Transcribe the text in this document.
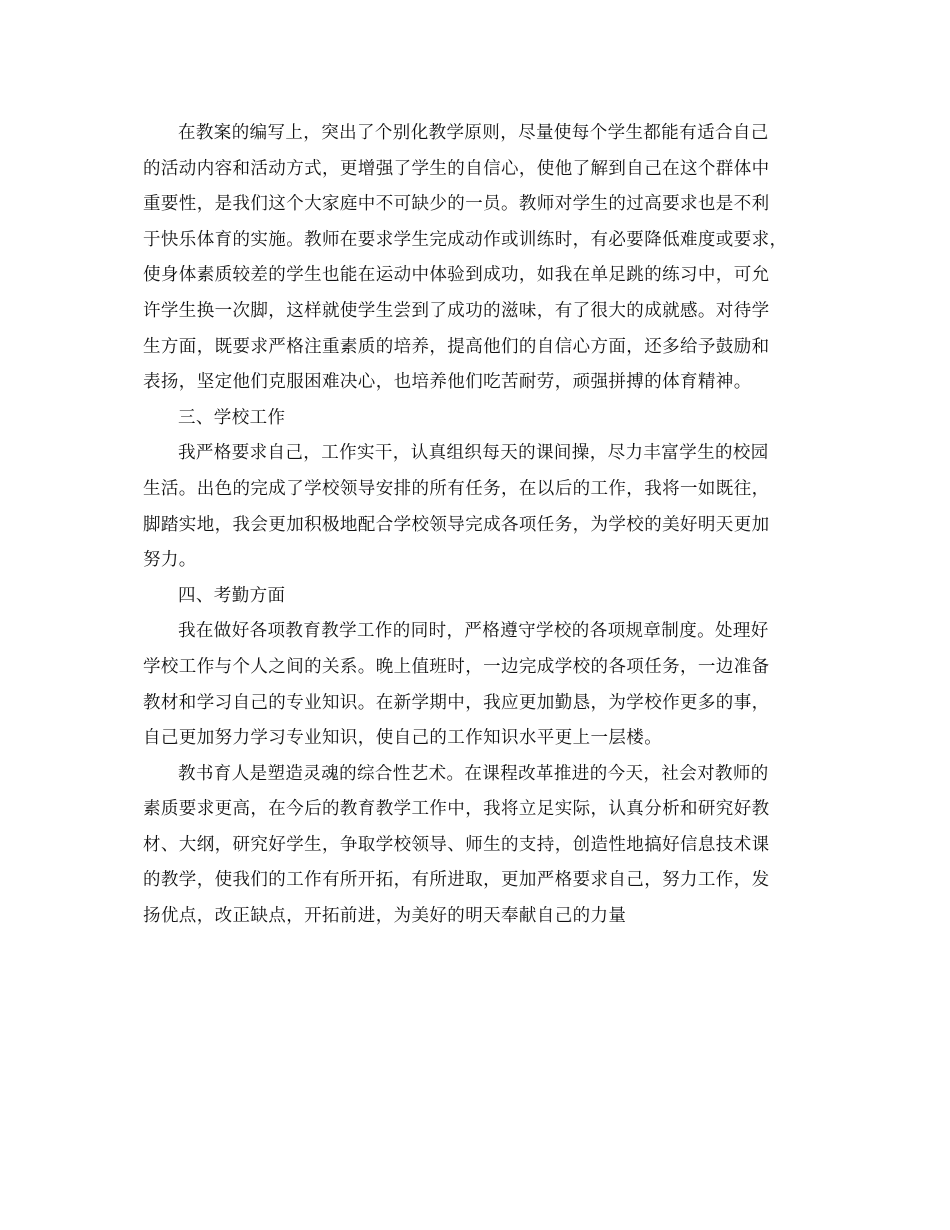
在教案的编写上，突出了个别化教学原则，尽量使每个学生都能有适合自己
的活动内容和活动方式，更增强了学生的自信心，使他了解到自己在这个群体中
重要性，是我们这个大家庭中不可缺少的一员。教师对学生的过高要求也是不利
于快乐体育的实施。教师在要求学生完成动作或训练时，有必要降低难度或要求，
使身体素质较差的学生也能在运动中体验到成功，如我在单足跳的练习中，可允
许学生换一次脚，这样就使学生尝到了成功的滋味，有了很大的成就感。对待学
生方面，既要求严格注重素质的培养，提高他们的自信心方面，还多给予鼓励和
表扬，坚定他们克服困难决心，也培养他们吃苦耐劳，顽强拼搏的体育精神。
三、学校工作
我严格要求自己，工作实干，认真组织每天的课间操，尽力丰富学生的校园
生活。出色的完成了学校领导安排的所有任务，在以后的工作，我将一如既往，
脚踏实地，我会更加积极地配合学校领导完成各项任务，为学校的美好明天更加
努力。
四、考勤方面
我在做好各项教育教学工作的同时，严格遵守学校的各项规章制度。处理好
学校工作与个人之间的关系。晚上值班时，一边完成学校的各项任务，一边准备
教材和学习自己的专业知识。在新学期中，我应更加勤恳，为学校作更多的事，
自己更加努力学习专业知识，使自己的工作知识水平更上一层楼。
教书育人是塑造灵魂的综合性艺术。在课程改革推进的今天，社会对教师的
素质要求更高，在今后的教育教学工作中，我将立足实际，认真分析和研究好教
材、大纲，研究好学生，争取学校领导、师生的支持，创造性地搞好信息技术课
的教学，使我们的工作有所开拓，有所进取，更加严格要求自己，努力工作，发
扬优点，改正缺点，开拓前进，为美好的明天奉献自己的力量
